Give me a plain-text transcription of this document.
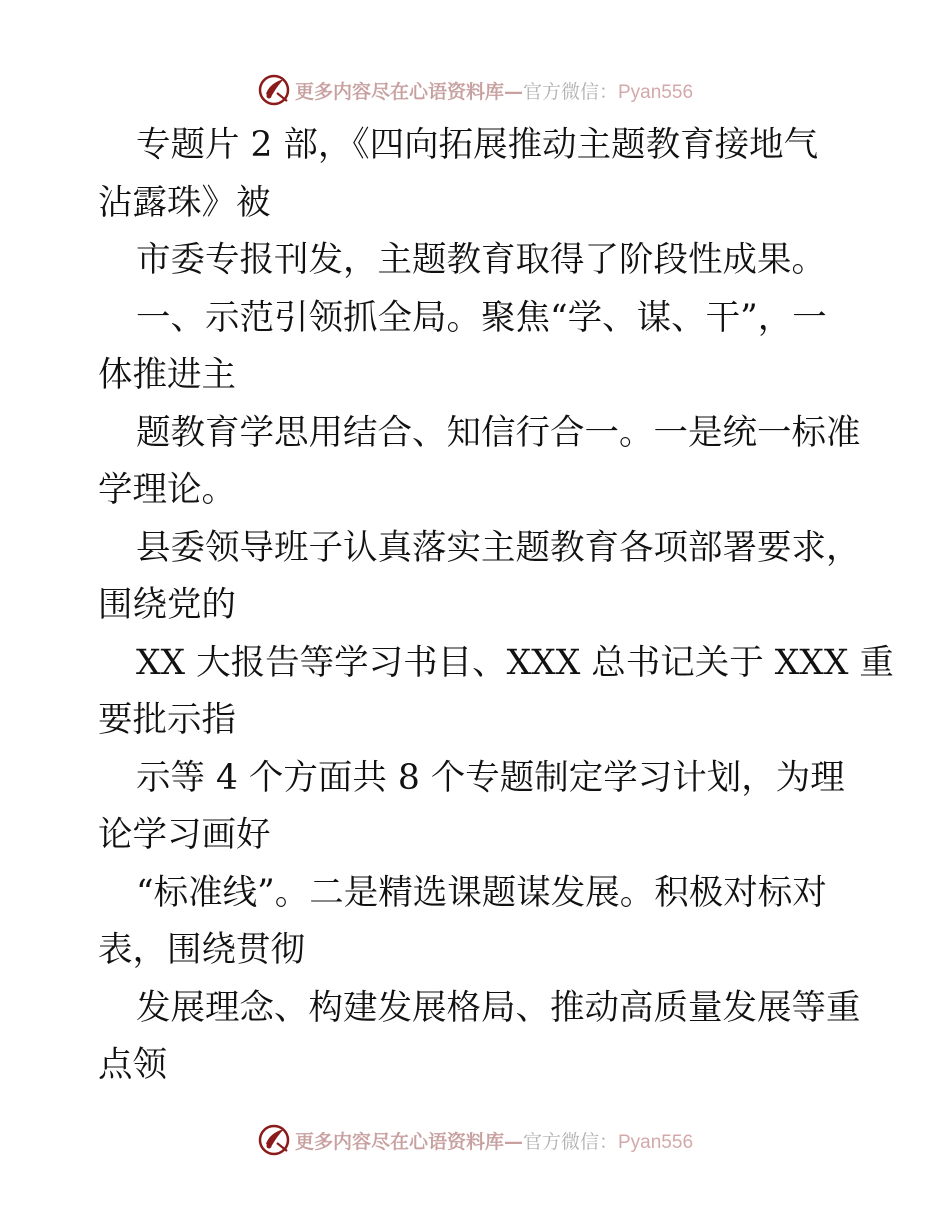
更多内容尽在心语资料库—官方微信：Pyan556
专题片 2 部，《四向拓展推动主题教育接地气
沾露珠》被
市委专报刊发，主题教育取得了阶段性成果。
一、示范引领抓全局。聚焦“学、谋、干”，一
体推进主
题教育学思用结合、知信行合一。一是统一标准
学理论。
县委领导班子认真落实主题教育各项部署要求，
围绕党的
XX 大报告等学习书目、XXX 总书记关于 XXX 重
要批示指
示等 4 个方面共 8 个专题制定学习计划，为理
论学习画好
“标准线”。二是精选课题谋发展。积极对标对
表，围绕贯彻
发展理念、构建发展格局、推动高质量发展等重
点领
更多内容尽在心语资料库—官方微信：Pyan556
